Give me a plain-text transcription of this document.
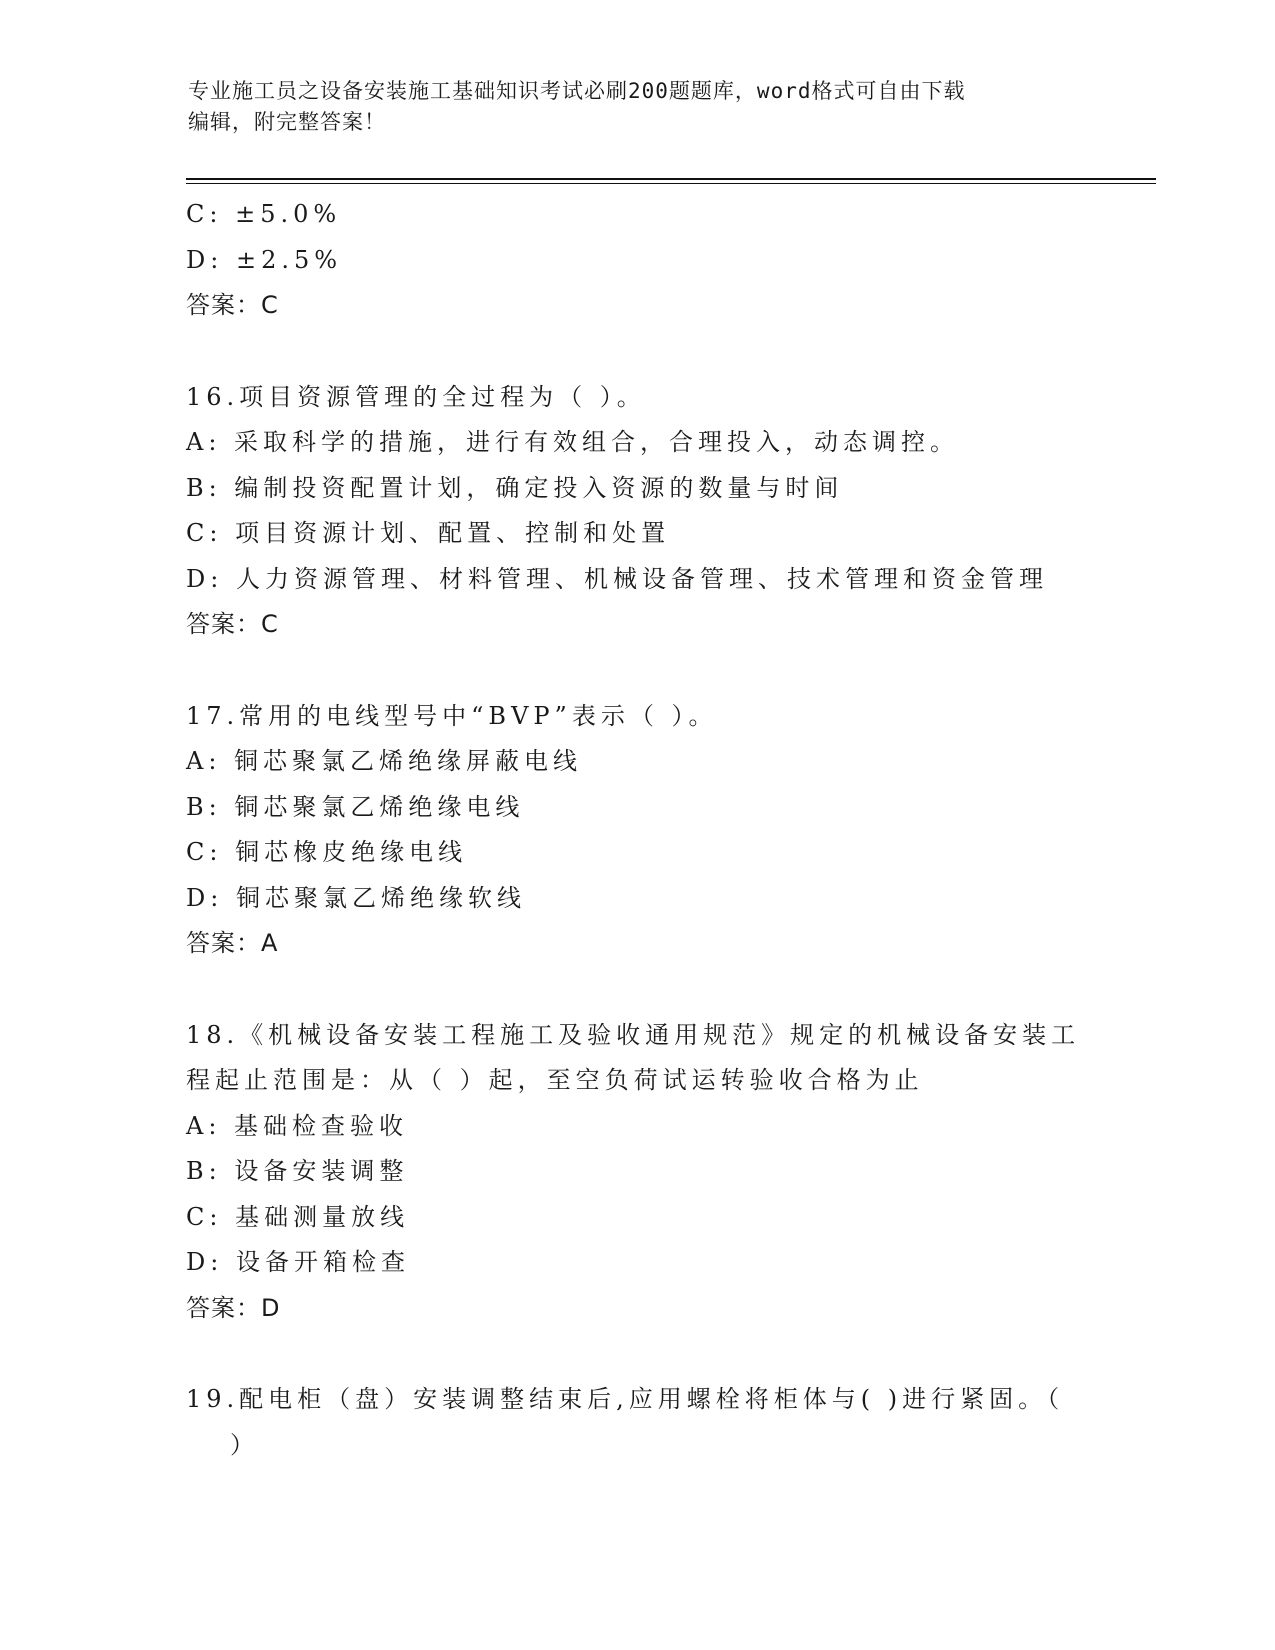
专业施工员之设备安装施工基础知识考试必刷200题题库，word格式可自由下载
编辑，附完整答案！
C: ±5.0%
D: ±2.5%
答案：C
16.项目资源管理的全过程为（ ）。
A: 采取科学的措施，进行有效组合，合理投入，动态调控。
B: 编制投资配置计划，确定投入资源的数量与时间
C: 项目资源计划、配置、控制和处置
D: 人力资源管理、材料管理、机械设备管理、技术管理和资金管理
答案：C
17.常用的电线型号中“BVP”表示（ ）。
A: 铜芯聚氯乙烯绝缘屏蔽电线
B: 铜芯聚氯乙烯绝缘电线
C: 铜芯橡皮绝缘电线
D: 铜芯聚氯乙烯绝缘软线
答案：A
18.《机械设备安装工程施工及验收通用规范》规定的机械设备安装工
程起止范围是：从（ ）起，至空负荷试运转验收合格为止
A: 基础检查验收
B: 设备安装调整
C: 基础测量放线
D: 设备开箱检查
答案：D
19.配电柜（盘）安装调整结束后,应用螺栓将柜体与( )进行紧固。（
）
